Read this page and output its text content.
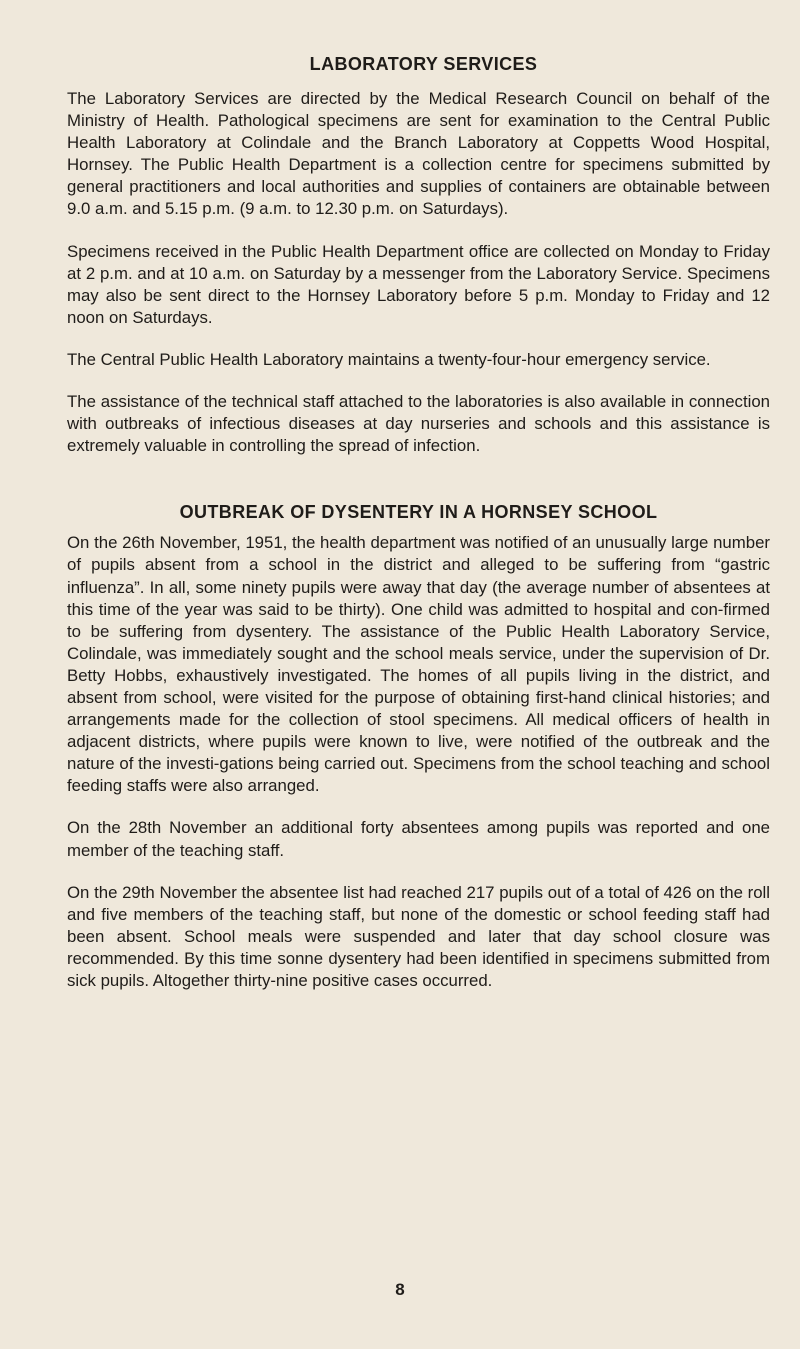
LABORATORY SERVICES

The Laboratory Services are directed by the Medical Research Council on behalf of the Ministry of Health. Pathological specimens are sent for examination to the Central Public Health Laboratory at Colindale and the Branch Laboratory at Coppetts Wood Hospital, Hornsey. The Public Health Department is a collection centre for specimens submitted by general practitioners and local authorities and supplies of containers are obtainable between 9.0 a.m. and 5.15 p.m. (9 a.m. to 12.30 p.m. on Saturdays).

Specimens received in the Public Health Department office are collected on Monday to Friday at 2 p.m. and at 10 a.m. on Saturday by a messenger from the Laboratory Service. Specimens may also be sent direct to the Hornsey Laboratory before 5 p.m. Monday to Friday and 12 noon on Saturdays.

The Central Public Health Laboratory maintains a twenty-four-hour emergency service.

The assistance of the technical staff attached to the laboratories is also available in connection with outbreaks of infectious diseases at day nurseries and schools and this assistance is extremely valuable in controlling the spread of infection.

OUTBREAK OF DYSENTERY IN A HORNSEY SCHOOL

On the 26th November, 1951, the health department was notified of an unusually large number of pupils absent from a school in the district and alleged to be suffering from “gastric influenza”. In all, some ninety pupils were away that day (the average number of absentees at this time of the year was said to be thirty). One child was admitted to hospital and con-firmed to be suffering from dysentery. The assistance of the Public Health Laboratory Service, Colindale, was immediately sought and the school meals service, under the supervision of Dr. Betty Hobbs, exhaustively investigated. The homes of all pupils living in the district, and absent from school, were visited for the purpose of obtaining first-hand clinical histories; and arrangements made for the collection of stool specimens. All medical officers of health in adjacent districts, where pupils were known to live, were notified of the outbreak and the nature of the investi-gations being carried out. Specimens from the school teaching and school feeding staffs were also arranged.

On the 28th November an additional forty absentees among pupils was reported and one member of the teaching staff.

On the 29th November the absentee list had reached 217 pupils out of a total of 426 on the roll and five members of the teaching staff, but none of the domestic or school feeding staff had been absent. School meals were suspended and later that day school closure was recommended. By this time sonne dysentery had been identified in specimens submitted from sick pupils. Altogether thirty-nine positive cases occurred.

8
